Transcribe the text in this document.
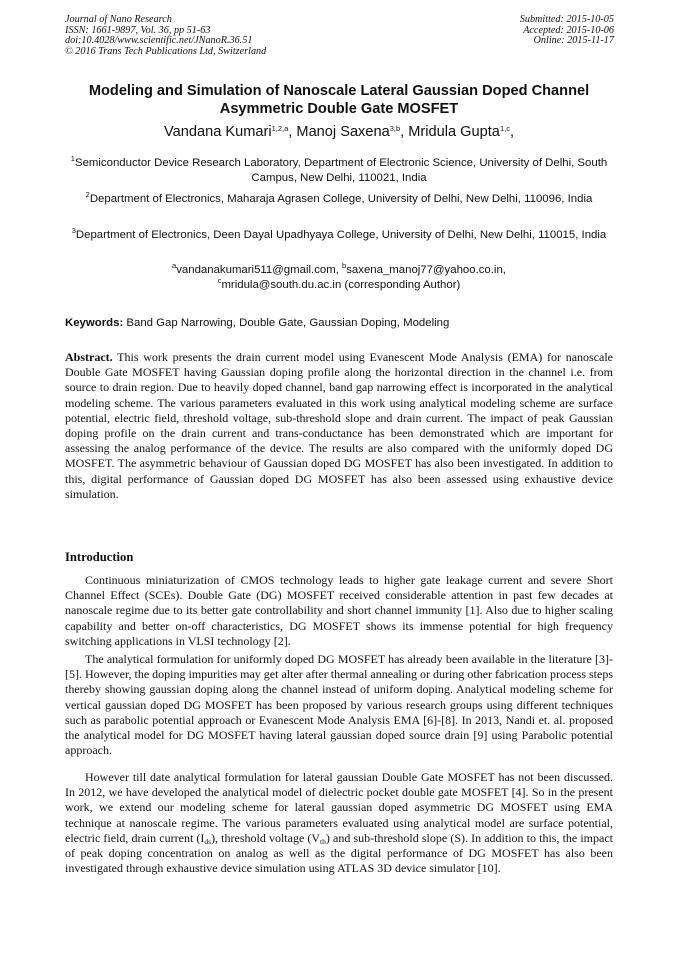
Journal of Nano Research
ISSN: 1661-9897, Vol. 36, pp 51-63
doi:10.4028/www.scientific.net/JNanoR.36.51
© 2016 Trans Tech Publications Ltd, Switzerland
Submitted: 2015-10-05
Accepted: 2015-10-06
Online: 2015-11-17
Modeling and Simulation of Nanoscale Lateral Gaussian Doped Channel
Asymmetric Double Gate MOSFET
Vandana Kumari$^{1,2,a}$, Manoj Saxena$^{3,b}$, Mridula Gupta$^{1,c}$,
$^1$Semiconductor Device Research Laboratory, Department of Electronic Science, University of Delhi, South Campus, New Delhi, 110021, India
$^2$Department of Electronics, Maharaja Agrasen College, University of Delhi, New Delhi, 110096, India
$^3$Department of Electronics, Deen Dayal Upadhyaya College, University of Delhi, New Delhi, 110015, India
$^a$vandanakumari511@gmail.com, $^b$saxena_manoj77@yahoo.co.in,
$^c$mridula@south.du.ac.in (corresponding Author)
Keywords: Band Gap Narrowing, Double Gate, Gaussian Doping, Modeling

Abstract. This work presents the drain current model using Evanescent Mode Analysis (EMA) for nanoscale Double Gate MOSFET having Gaussian doping profile along the horizontal direction in the channel i.e. from source to drain region. Due to heavily doped channel, band gap narrowing effect is incorporated in the analytical modeling scheme. The various parameters evaluated in this work using analytical modeling scheme are surface potential, electric field, threshold voltage, sub-threshold slope and drain current. The impact of peak Gaussian doping profile on the drain current and trans-conductance has been demonstrated which are important for assessing the analog performance of the device. The results are also compared with the uniformly doped DG MOSFET. The asymmetric behaviour of Gaussian doped DG MOSFET has also been investigated. In addition to this, digital performance of Gaussian doped DG MOSFET has also been assessed using exhaustive device simulation.

Introduction

Continuous miniaturization of CMOS technology leads to higher gate leakage current and severe Short Channel Effect (SCEs). Double Gate (DG) MOSFET received considerable attention in past few decades at nanoscale regime due to its better gate controllability and short channel immunity [1]. Also due to higher scaling capability and better on-off characteristics, DG MOSFET shows its immense potential for high frequency switching applications in VLSI technology [2].

The analytical formulation for uniformly doped DG MOSFET has already been available in the literature [3]-[5]. However, the doping impurities may get alter after thermal annealing or during other fabrication process steps thereby showing gaussian doping along the channel instead of uniform doping. Analytical modeling scheme for vertical gaussian doped DG MOSFET has been proposed by various research groups using different techniques such as parabolic potential approach or Evanescent Mode Analysis EMA [6]-[8]. In 2013, Nandi et. al. proposed the analytical model for DG MOSFET having lateral gaussian doped source drain [9] using Parabolic potential approach.

However till date analytical formulation for lateral gaussian Double Gate MOSFET has not been discussed. In 2012, we have developed the analytical model of dielectric pocket double gate MOSFET [4]. So in the present work, we extend our modeling scheme for lateral gaussian doped asymmetric DG MOSFET using EMA technique at nanoscale regime. The various parameters evaluated using analytical model are surface potential, electric field, drain current $(I_{ds})$, threshold voltage $(V_{th})$ and sub-threshold slope (S). In addition to this, the impact of peak doping concentration on analog as well as the digital performance of DG MOSFET has also been investigated through exhaustive device simulation using ATLAS 3D device simulator [10].
